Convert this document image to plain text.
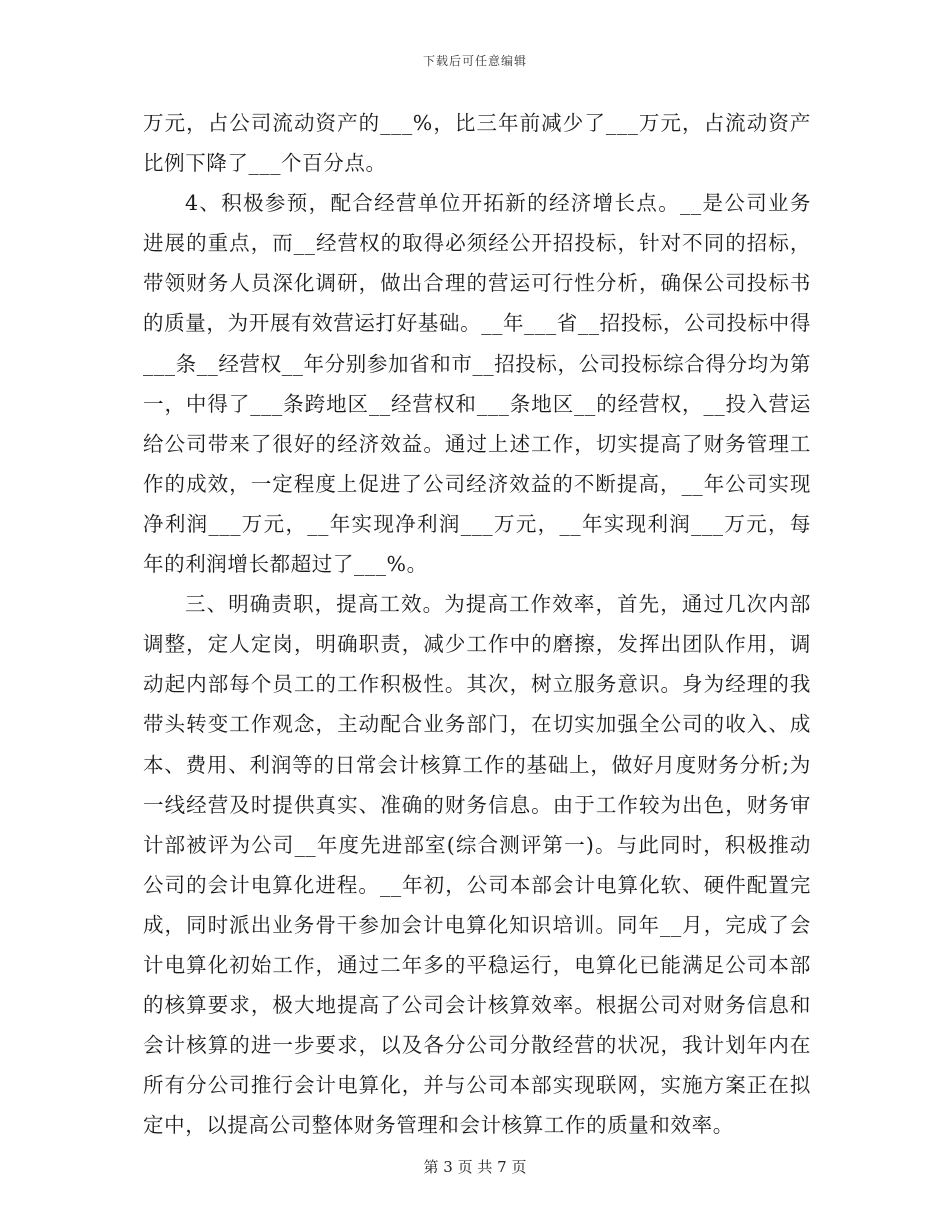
下载后可任意编辑

万元，占公司流动资产的___%，比三年前减少了___万元，占流动资产比例下降了___个百分点。

4、积极参预，配合经营单位开拓新的经济增长点。__是公司业务进展的重点，而__经营权的取得必须经公开招投标，针对不同的招标，带领财务人员深化调研，做出合理的营运可行性分析，确保公司投标书的质量，为开展有效营运打好基础。__年___省__招投标，公司投标中得___条__经营权__年分别参加省和市__招投标，公司投标综合得分均为第一，中得了___条跨地区__经营权和___条地区__的经营权，__投入营运给公司带来了很好的经济效益。通过上述工作，切实提高了财务管理工作的成效，一定程度上促进了公司经济效益的不断提高，__年公司实现净利润___万元，__年实现净利润___万元，__年实现利润___万元，每年的利润增长都超过了___%。

三、明确责职，提高工效。为提高工作效率，首先，通过几次内部调整，定人定岗，明确职责，减少工作中的磨擦，发挥出团队作用，调动起内部每个员工的工作积极性。其次，树立服务意识。身为经理的我带头转变工作观念，主动配合业务部门，在切实加强全公司的收入、成本、费用、利润等的日常会计核算工作的基础上，做好月度财务分析;为一线经营及时提供真实、准确的财务信息。由于工作较为出色，财务审计部被评为公司__年度先进部室(综合测评第一)。与此同时，积极推动公司的会计电算化进程。__年初，公司本部会计电算化软、硬件配置完成，同时派出业务骨干参加会计电算化知识培训。同年__月，完成了会计电算化初始工作，通过二年多的平稳运行，电算化已能满足公司本部的核算要求，极大地提高了公司会计核算效率。根据公司对财务信息和会计核算的进一步要求，以及各分公司分散经营的状况，我计划年内在所有分公司推行会计电算化，并与公司本部实现联网，实施方案正在拟定中，以提高公司整体财务管理和会计核算工作的质量和效率。

第 3 页 共 7 页
